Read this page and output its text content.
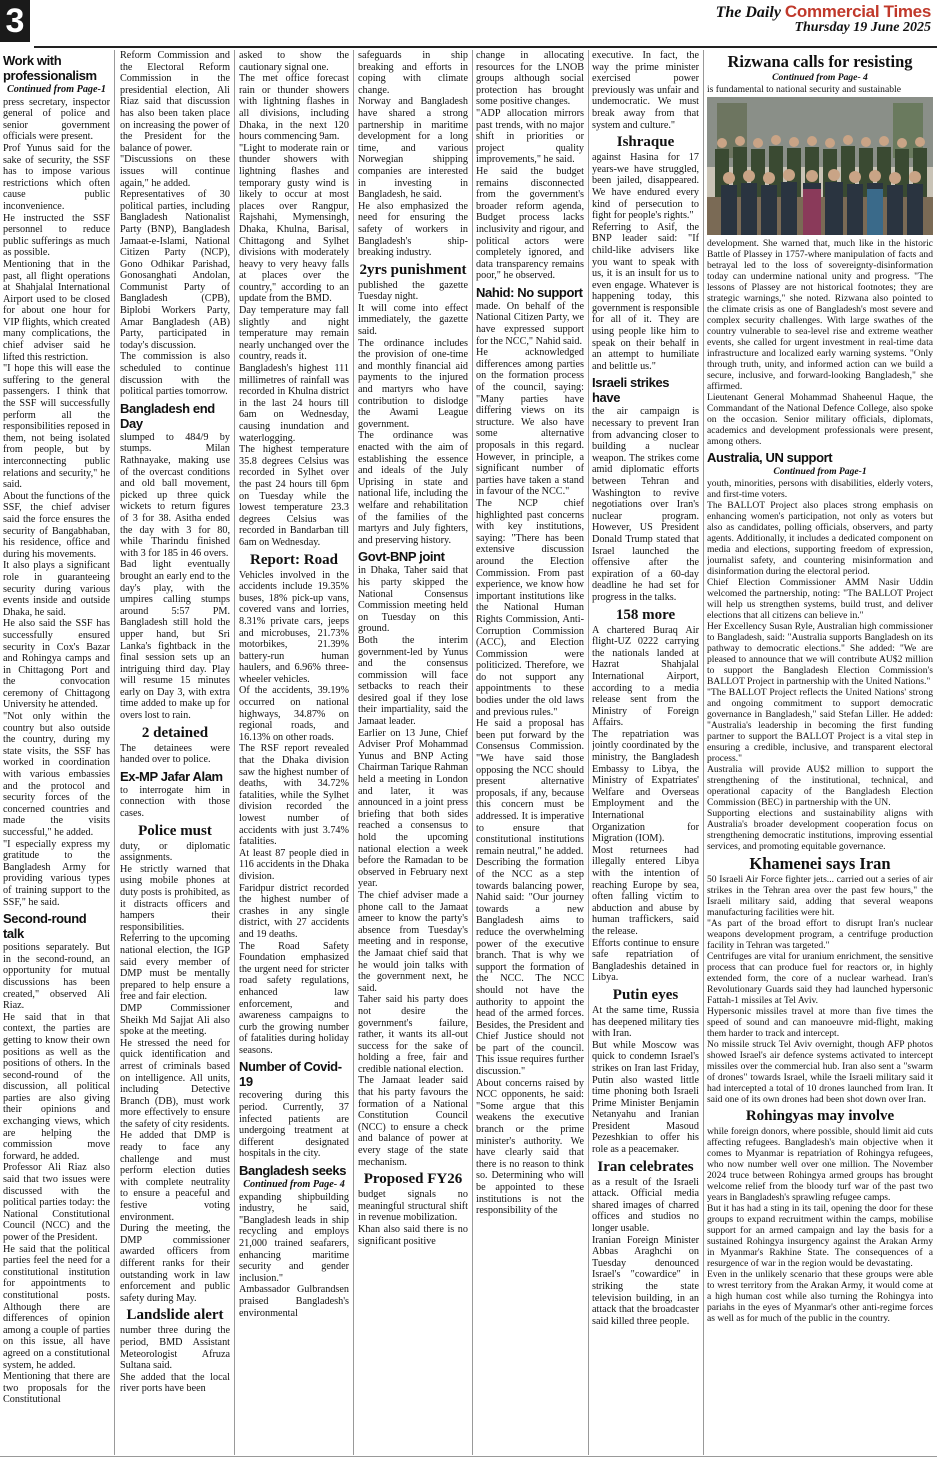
3	The Daily Commercial Times
Thursday 19 June 2025
Work with professionalism

Continued from Page-1

press secretary, inspector general of police and senior government officials were present.

Prof Yunus said for the sake of security, the SSF has to impose various restrictions which often cause public inconvenience.

He instructed the SSF personnel to reduce public sufferings as much as possible.

Mentioning that in the past, all flight operations at Shahjalal International Airport used to be closed for about one hour for VIP flights, which created many complications, the chief adviser said he lifted this restriction.

"I hope this will ease the suffering to the general passengers. I think that the SSF will successfully perform all the responsibilities reposed in them, not being isolated from people, but by interconnecting public relations and security," he said.

About the functions of the SSF, the chief adviser said the force ensures the security of Bangabhaban, his residence, office and during his movements.

It also plays a significant role in guaranteeing security during various events inside and outside Dhaka, he said.

He also said the SSF has successfully ensured security in Cox's Bazar and Rohingya camps and in Chittagong Port and the convocation ceremony of Chittagong University he attended.

"Not only within the country but also outside the country, during my state visits, the SSF has worked in coordination with various embassies and the protocol and security forces of the concerned countries and made the visits successful," he added.

"I especially express my gratitude to the Bangladesh Army for providing various types of training support to the SSF," he said.

Second-round talk

positions separately. But in the second-round, an opportunity for mutual discussions has been created," observed Ali Riaz.

He said that in that context, the parties are getting to know their own positions as well as the positions of others. In the second-round of the discussion, all political parties are also giving their opinions and exchanging views, which are helping the commission move forward, he added.

Professor Ali Riaz also said that two issues were discussed with the political parties today: the National Constitutional Council (NCC) and the power of the President.

He said that the political parties feel the need for a constitutional institution for appointments to constitutional posts. Although there are differences of opinion among a couple of parties on this issue, all have agreed on a constitutional system, he added.

Mentioning that there are two proposals for the Constitutional

Reform Commission and the Electoral Reform Commission in the presidential election, Ali Riaz said that discussion has also been taken place on increasing the power of the President for the balance of power.

"Discussions on these issues will continue again," he added.

Representatives of 30 political parties, including Bangladesh Nationalist Party (BNP), Bangladesh Jamaat-e-Islami, National Citizen Party (NCP), Gono Odhikar Parishad, Gonosanghati Andolan, Communist Party of Bangladesh (CPB), Biplobi Workers Party, Amar Bangladesh (AB) Party, participated in today's discussion.

The commission is also scheduled to continue discussion with the political parties tomorrow.

Bangladesh end Day

slumped to 484/9 by stumps. Milan Rathnayake, making use of the overcast conditions and old ball movement, picked up three quick wickets to return figures of 3 for 38. Asitha ended the day with 3 for 80, while Tharindu finished with 3 for 185 in 46 overs.

Bad light eventually brought an early end to the day's play, with the umpires calling stumps around 5:57 PM. Bangladesh still hold the upper hand, but Sri Lanka's fightback in the final session sets up an intriguing third day. Play will resume 15 minutes early on Day 3, with extra time added to make up for overs lost to rain.

2 detained

The detainees were handed over to police.

Ex-MP Jafar Alam

to interrogate him in connection with those cases.

Police must

duty, or diplomatic assignments.

He strictly warned that using mobile phones at duty posts is prohibited, as it distracts officers and hampers their responsibilities.

Referring to the upcoming national election, the IGP said every member of DMP must be mentally prepared to help ensure a free and fair election.

DMP Commissioner Sheikh Md Sajjat Ali also spoke at the meeting.

He stressed the need for quick identification and arrest of criminals based on intelligence. All units, including Detective Branch (DB), must work more effectively to ensure the safety of city residents.

He added that DMP is ready to face any challenge and must perform election duties with complete neutrality to ensure a peaceful and festive voting environment.

During the meeting, the DMP commissioner awarded officers from different ranks for their outstanding work in law enforcement and public safety during May.

Landslide alert

number three during the period, BMD Assistant Meteorologist Afruza Sultana said.

She added that the local river ports have been

asked to show the cautionary signal one.

The met office forecast rain or thunder showers with lightning flashes in all divisions, including Dhaka, in the next 120 hours commencing 9am.

"Light to moderate rain or thunder showers with lightning flashes and temporary gusty wind is likely to occur at most places over Rangpur, Rajshahi, Mymensingh, Dhaka, Khulna, Barisal, Chittagong and Sylhet divisions with moderately heavy to very heavy falls at places over the country," according to an update from the BMD.

Day temperature may fall slightly and night temperature may remain nearly unchanged over the country, reads it.

Bangladesh's highest 111 millimetres of rainfall was recorded in Khulna district in the last 24 hours till 6am on Wednesday, causing inundation and waterlogging.

The highest temperature 35.8 degrees Celsius was recorded in Sylhet over the past 24 hours till 6pm on Tuesday while the lowest temperature 23.3 degrees Celsius was recorded in Bandarban till 6am on Wednesday.

Report: Road

Vehicles involved in the accidents include 19.35% buses, 18% pick-up vans, covered vans and lorries, 8.31% private cars, jeeps and microbuses, 21.73% motorbikes, 21.39% battery-run human haulers, and 6.96% three-wheeler vehicles.

Of the accidents, 39.19% occurred on national highways, 34.87% on regional roads, and 16.13% on other roads.

The RSF report revealed that the Dhaka division saw the highest number of deaths, with 34.72% fatalities, while the Sylhet division recorded the lowest number of accidents with just 3.74% fatalities.

At least 87 people died in 116 accidents in the Dhaka division.

Faridpur district recorded the highest number of crashes in any single district, with 27 accidents and 19 deaths.

The Road Safety Foundation emphasized the urgent need for stricter road safety regulations, enhanced law enforcement, and awareness campaigns to curb the growing number of fatalities during holiday seasons.

Number of Covid-19

recovering during this period. Currently, 37 infected patients are undergoing treatment at different designated hospitals in the city.

Bangladesh seeks

Continued from Page- 4

expanding shipbuilding industry, he said, "Bangladesh leads in ship recycling and employs 21,000 trained seafarers, enhancing maritime security and gender inclusion."

Ambassador Gulbrandsen praised Bangladesh's environmental

safeguards in ship breaking and efforts in coping with climate change.

Norway and Bangladesh have shared a strong partnership in maritime development for a long time, and various Norwegian shipping companies are interested in investing in Bangladesh, he said.

He also emphasized the need for ensuring the safety of workers in Bangladesh's ship-breaking industry.

2yrs punishment

published the gazette Tuesday night.

It will come into effect immediately, the gazette said.

The ordinance includes the provision of one-time and monthly financial aid payments to the injured and martyrs who have contribution to dislodge the Awami League government.

The ordinance was enacted with the aim of establishing the essence and ideals of the July Uprising in state and national life, including the welfare and rehabilitation of the families of the martyrs and July fighters, and preserving history.

Govt-BNP joint

in Dhaka, Taher said that his party skipped the National Consensus Commission meeting held on Tuesday on this ground.

Both the interim government-led by Yunus and the consensus commission will face setbacks to reach their desired goal if they lose their impartiality, said the Jamaat leader.

Earlier on 13 June, Chief Adviser Prof Mohammad Yunus and BNP Acting Chairman Tarique Rahman held a meeting in London and later, it was announced in a joint press briefing that both sides reached a consensus to hold the upcoming national election a week before the Ramadan to be observed in February next year.

The chief adviser made a phone call to the Jamaat ameer to know the party's absence from Tuesday's meeting and in response, the Jamaat chief said that he would join talks with the government next, he said.

Taher said his party does not desire the government's failure, rather, it wants its all-out success for the sake of holding a free, fair and credible national election.

The Jamaat leader said that his party favours the formation of a National Constitution Council (NCC) to ensure a check and balance of power at every stage of the state mechanism.

Proposed FY26

budget signals no meaningful structural shift in revenue mobilization.

Khan also said there is no significant positive

change in allocating resources for the LNOB groups although social protection has brought some positive changes.

"ADP allocation mirrors past trends, with no major shift in priorities or project quality improvements," he said.

He said the budget remains disconnected from the government's broader reform agenda, Budget process lacks inclusivity and rigour, and political actors were completely ignored, and data transparency remains poor," he observed.

Nahid: No support

made. On behalf of the National Citizen Party, we have expressed support for the NCC," Nahid said.

He acknowledged differences among parties on the formation process of the council, saying: "Many parties have differing views on its structure. We also have some alternative proposals in this regard. However, in principle, a significant number of parties have taken a stand in favour of the NCC."

The NCP chief highlighted past concerns with key institutions, saying: "There has been extensive discussion around the Election Commission. From past experience, we know how important institutions like the National Human Rights Commission, Anti-Corruption Commission (ACC), and Election Commission were politicized. Therefore, we do not support any appointments to these bodies under the old laws and previous rules."

He said a proposal has been put forward by the Consensus Commission. "We have said those opposing the NCC should present alternative proposals, if any, because this concern must be addressed. It is imperative to ensure that constitutional institutions remain neutral," he added.

Describing the formation of the NCC as a step towards balancing power, Nahid said: "Our journey towards a new Bangladesh aims to reduce the overwhelming power of the executive branch. That is why we support the formation of the NCC. The NCC should not have the authority to appoint the head of the armed forces. Besides, the President and Chief Justice should not be part of the council. This issue requires further discussion."

About concerns raised by NCC opponents, he said: "Some argue that this weakens the executive branch or the prime minister's authority. We have clearly said that there is no reason to think so. Determining who will be appointed to these institutions is not the responsibility of the

executive. In fact, the way the prime minister exercised power previously was unfair and undemocratic. We must break away from that system and culture."

Ishraque

against Hasina for 17 years-we have struggled, been jailed, disappeared. We have endured every kind of persecution to fight for people's rights."

Referring to Asif, the BNP leader said: "If child-like advisers like you want to speak with us, it is an insult for us to even engage. Whatever is happening today, this government is responsible for all of it. They are using people like him to speak on their behalf in an attempt to humiliate and belittle us."

Israeli strikes have

the air campaign is necessary to prevent Iran from advancing closer to building a nuclear weapon. The strikes come amid diplomatic efforts between Tehran and Washington to revive negotiations over Iran's nuclear program. However, US President Donald Trump stated that Israel launched the offensive after the expiration of a 60-day deadline he had set for progress in the talks.

158 more

A chartered Buraq Air flight-UZ 0222 carrying the nationals landed at Hazrat Shahjalal International Airport, according to a media release sent from the Ministry of Foreign Affairs.

The repatriation was jointly coordinated by the ministry, the Bangladesh Embassy to Libya, the Ministry of Expatriates' Welfare and Overseas Employment and the International Organization for Migration (IOM).

Most returnees had illegally entered Libya with the intention of reaching Europe by sea, often falling victim to abduction and abuse by human traffickers, said the release.

Efforts continue to ensure safe repatriation of Bangladeshis detained in Libya.

Putin eyes

At the same time, Russia has deepened military ties with Iran.

But while Moscow was quick to condemn Israel's strikes on Iran last Friday, Putin also wasted little time phoning both Israeli Prime Minister Benjamin Netanyahu and Iranian President Masoud Pezeshkian to offer his role as a peacemaker.

Iran celebrates

as a result of the Israeli attack. Official media shared images of charred offices and studios no longer usable.

Iranian Foreign Minister Abbas Araghchi on Tuesday denounced Israel's "cowardice" in striking the state television building, in an attack that the broadcaster said killed three people.

Rizwana calls for resisting

Continued from Page- 4

is fundamental to national security and sustainable

development. She warned that, much like in the historic Battle of Plassey in 1757-where manipulation of facts and betrayal led to the loss of sovereignty-disinformation today can undermine national unity and progress. "The lessons of Plassey are not historical footnotes; they are strategic warnings," she noted. Rizwana also pointed to the climate crisis as one of Bangladesh's most severe and complex security challenges. With large swathes of the country vulnerable to sea-level rise and extreme weather events, she called for urgent investment in real-time data infrastructure and localized early warning systems. "Only through truth, unity, and informed action can we build a secure, inclusive, and forward-looking Bangladesh," she affirmed.

Lieutenant General Mohammad Shaheenul Haque, the Commandant of the National Defence College, also spoke on the occasion. Senior military officials, diplomats, academics and development professionals were present, among others.

Australia, UN support

Continued from Page-1

youth, minorities, persons with disabilities, elderly voters, and first-time voters.

The BALLOT Project also places strong emphasis on enhancing women's participation, not only as voters but also as candidates, polling officials, observers, and party agents. Additionally, it includes a dedicated component on media and elections, supporting freedom of expression, journalist safety, and countering misinformation and disinformation during the electoral period.

Chief Election Commissioner AMM Nasir Uddin welcomed the partnership, noting: "The BALLOT Project will help us strengthen systems, build trust, and deliver elections that all citizens can believe in."

Her Excellency Susan Ryle, Australian high commissioner to Bangladesh, said: "Australia supports Bangladesh on its pathway to democratic elections." She added: "We are pleased to announce that we will contribute AU$2 million to support the Bangladesh Election Commission's BALLOT Project in partnership with the United Nations."

"The BALLOT Project reflects the United Nations' strong and ongoing commitment to support democratic governance in Bangladesh," said Stefan Liller. He added: "Australia's leadership in becoming the first funding partner to support the BALLOT Project is a vital step in ensuring a credible, inclusive, and transparent electoral process."

Australia will provide AU$2 million to support the strengthening of the institutional, technical, and operational capacity of the Bangladesh Election Commission (BEC) in partnership with the UN.

Supporting elections and sustainability aligns with Australia's broader development cooperation focus on strengthening democratic institutions, improving essential services, and promoting equitable governance.

Khamenei says Iran

50 Israeli Air Force fighter jets... carried out a series of air strikes in the Tehran area over the past few hours," the Israeli military said, adding that several weapons manufacturing facilities were hit.

"As part of the broad effort to disrupt Iran's nuclear weapons development program, a centrifuge production facility in Tehran was targeted."

Centrifuges are vital for uranium enrichment, the sensitive process that can produce fuel for reactors or, in highly extended form, the core of a nuclear warhead. Iran's Revolutionary Guards said they had launched hypersonic Fattah-1 missiles at Tel Aviv.

Hypersonic missiles travel at more than five times the speed of sound and can manoeuvre mid-flight, making them harder to track and intercept.

No missile struck Tel Aviv overnight, though AFP photos showed Israel's air defence systems activated to intercept missiles over the commercial hub. Iran also sent a "swarm of drones" towards Israel, while the Israeli military said it had intercepted a total of 10 drones launched from Iran. It said one of its own drones had been shot down over Iran.

Rohingyas may involve

while foreign donors, where possible, should limit aid cuts affecting refugees. Bangladesh's main objective when it comes to Myanmar is repatriation of Rohingya refugees, who now number well over one million. The November 2024 truce between Rohingya armed groups has brought welcome relief from the bloody turf war of the past two years in Bangladesh's sprawling refugee camps.

But it has had a sting in its tail, opening the door for these groups to expand recruitment within the camps, mobilise support for an armed campaign and lay the basis for a sustained Rohingya insurgency against the Arakan Army in Myanmar's Rakhine State. The consequences of a resurgence of war in the region would be devastating.

Even in the unlikely scenario that these groups were able to wrest territory from the Arakan Army, it would come at a high human cost while also turning the Rohingya into pariahs in the eyes of Myanmar's other anti-regime forces as well as for much of the public in the country.
